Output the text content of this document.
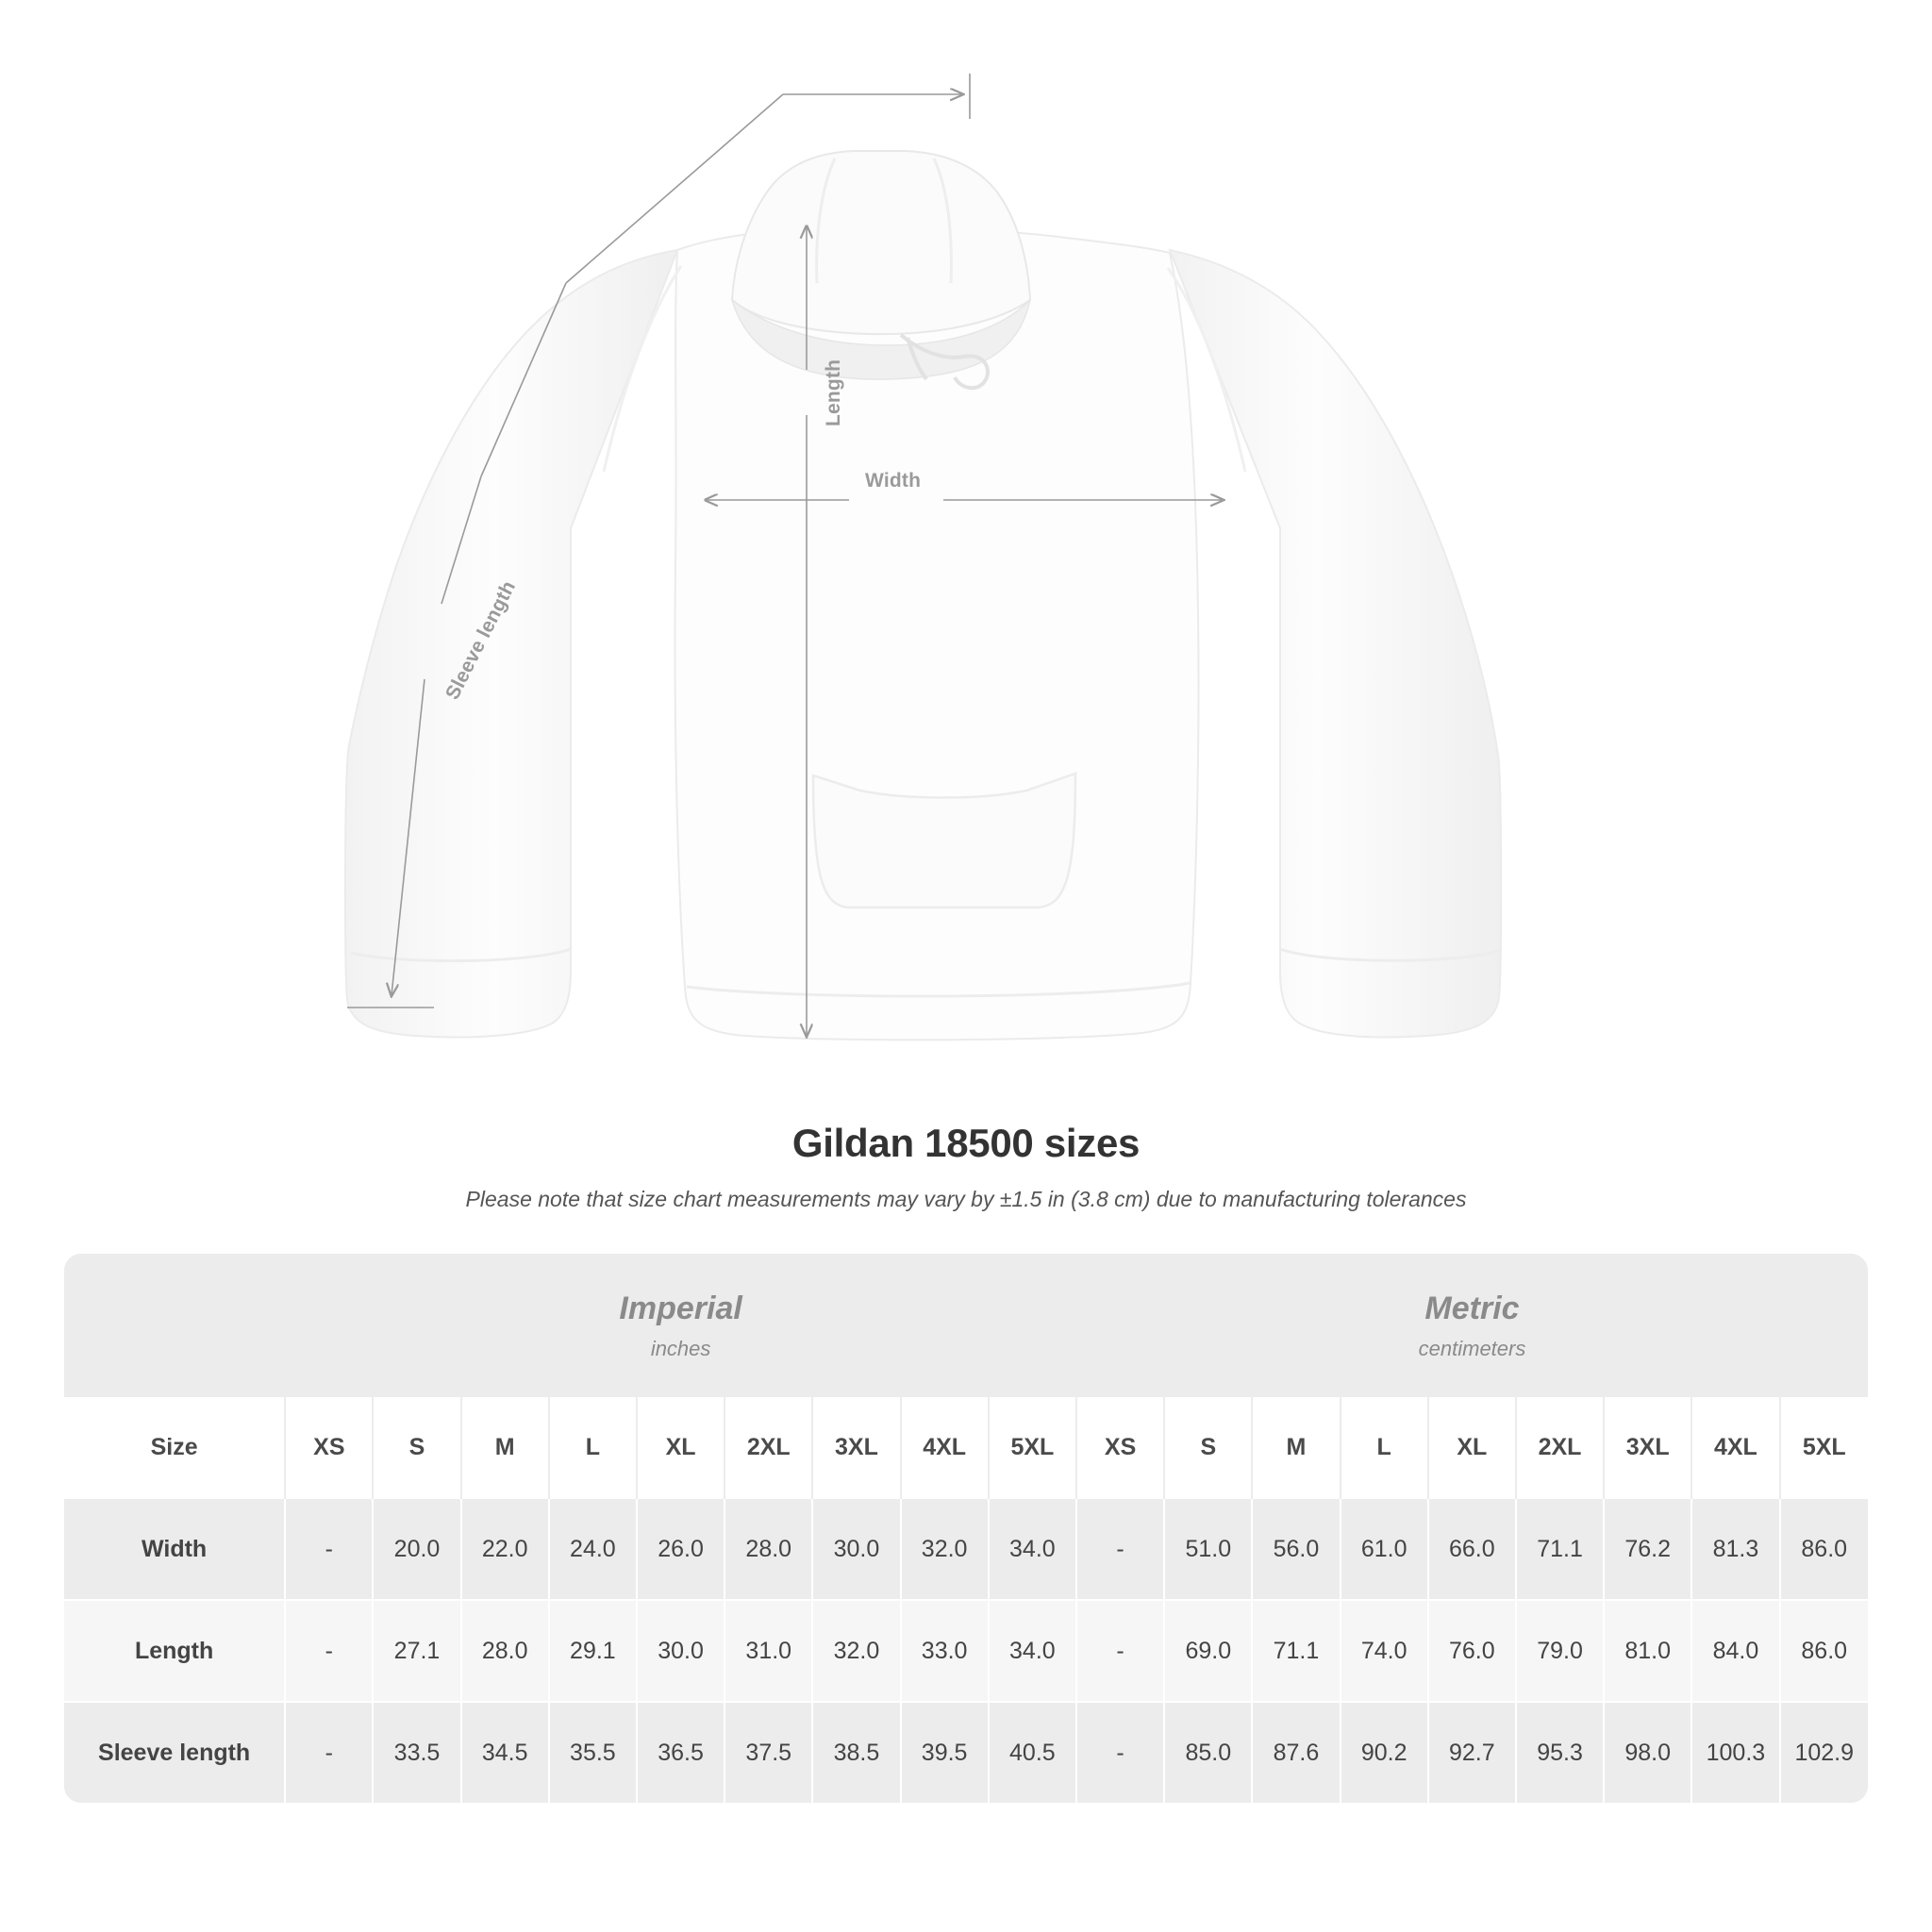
Length
Width
Sleeve length
Gildan 18500 sizes
Please note that size chart measurements may vary by ±1.5 in (3.8 cm) due to manufacturing tolerances

Imperial
inches

Metric
centimeters

Size	XS	S	M	L	XL	2XL	3XL	4XL	5XL	XS	S	M	L	XL	2XL	3XL	4XL	5XL
Width	-	20.0	22.0	24.0	26.0	28.0	30.0	32.0	34.0	-	51.0	56.0	61.0	66.0	71.1	76.2	81.3	86.0
Length	-	27.1	28.0	29.1	30.0	31.0	32.0	33.0	34.0	-	69.0	71.1	74.0	76.0	79.0	81.0	84.0	86.0
Sleeve length	-	33.5	34.5	35.5	36.5	37.5	38.5	39.5	40.5	-	85.0	87.6	90.2	92.7	95.3	98.0	100.3	102.9
